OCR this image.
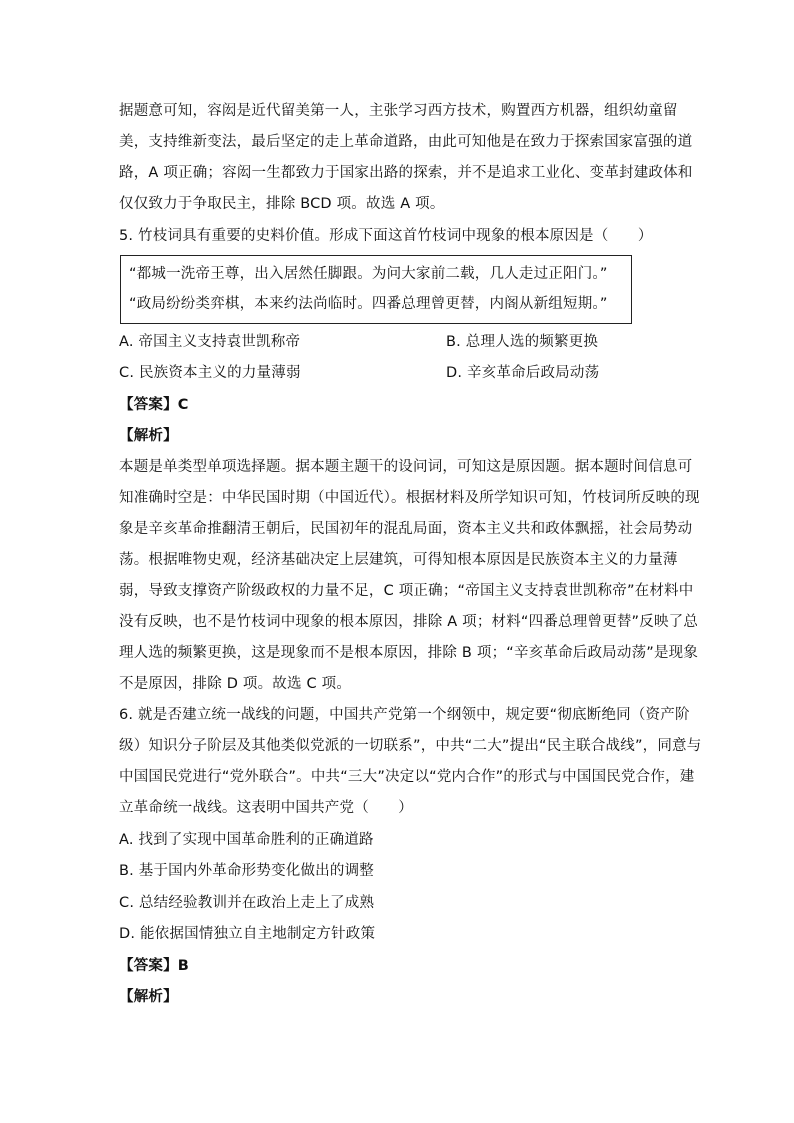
据题意可知，容闳是近代留美第一人，主张学习西方技术，购置西方机器，组织幼童留
美，支持维新变法，最后坚定的走上革命道路，由此可知他是在致力于探索国家富强的道
路，A 项正确；容闳一生都致力于国家出路的探索，并不是追求工业化、变革封建政体和
仅仅致力于争取民主，排除 BCD 项。故选 A 项。
5. 竹枝词具有重要的史料价值。形成下面这首竹枝词中现象的根本原因是（　　）
“都城一洗帝王尊，出入居然任脚跟。为问大家前二载，几人走过正阳门。”
“政局纷纷类弈棋，本来约法尚临时。四番总理曾更替，内阁从新组短期。”
A. 帝国主义支持袁世凯称帝	B. 总理人选的频繁更换
C. 民族资本主义的力量薄弱	D. 辛亥革命后政局动荡
【答案】C
【解析】
本题是单类型单项选择题。据本题主题干的设问词，可知这是原因题。据本题时间信息可
知准确时空是：中华民国时期（中国近代）。根据材料及所学知识可知，竹枝词所反映的现
象是辛亥革命推翻清王朝后，民国初年的混乱局面，资本主义共和政体飘摇，社会局势动
荡。根据唯物史观，经济基础决定上层建筑，可得知根本原因是民族资本主义的力量薄
弱，导致支撑资产阶级政权的力量不足，C 项正确；“帝国主义支持袁世凯称帝”在材料中
没有反映，也不是竹枝词中现象的根本原因，排除 A 项；材料“四番总理曾更替”反映了总
理人选的频繁更换，这是现象而不是根本原因，排除 B 项；“辛亥革命后政局动荡”是现象
不是原因，排除 D 项。故选 C 项。
6. 就是否建立统一战线的问题，中国共产党第一个纲领中，规定要“彻底断绝同（资产阶
级）知识分子阶层及其他类似党派的一切联系”，中共“二大”提出“民主联合战线”，同意与
中国国民党进行“党外联合”。中共“三大”决定以“党内合作”的形式与中国国民党合作，建
立革命统一战线。这表明中国共产党（　　）
A. 找到了实现中国革命胜利的正确道路
B. 基于国内外革命形势变化做出的调整
C. 总结经验教训并在政治上走上了成熟
D. 能依据国情独立自主地制定方针政策
【答案】B
【解析】
